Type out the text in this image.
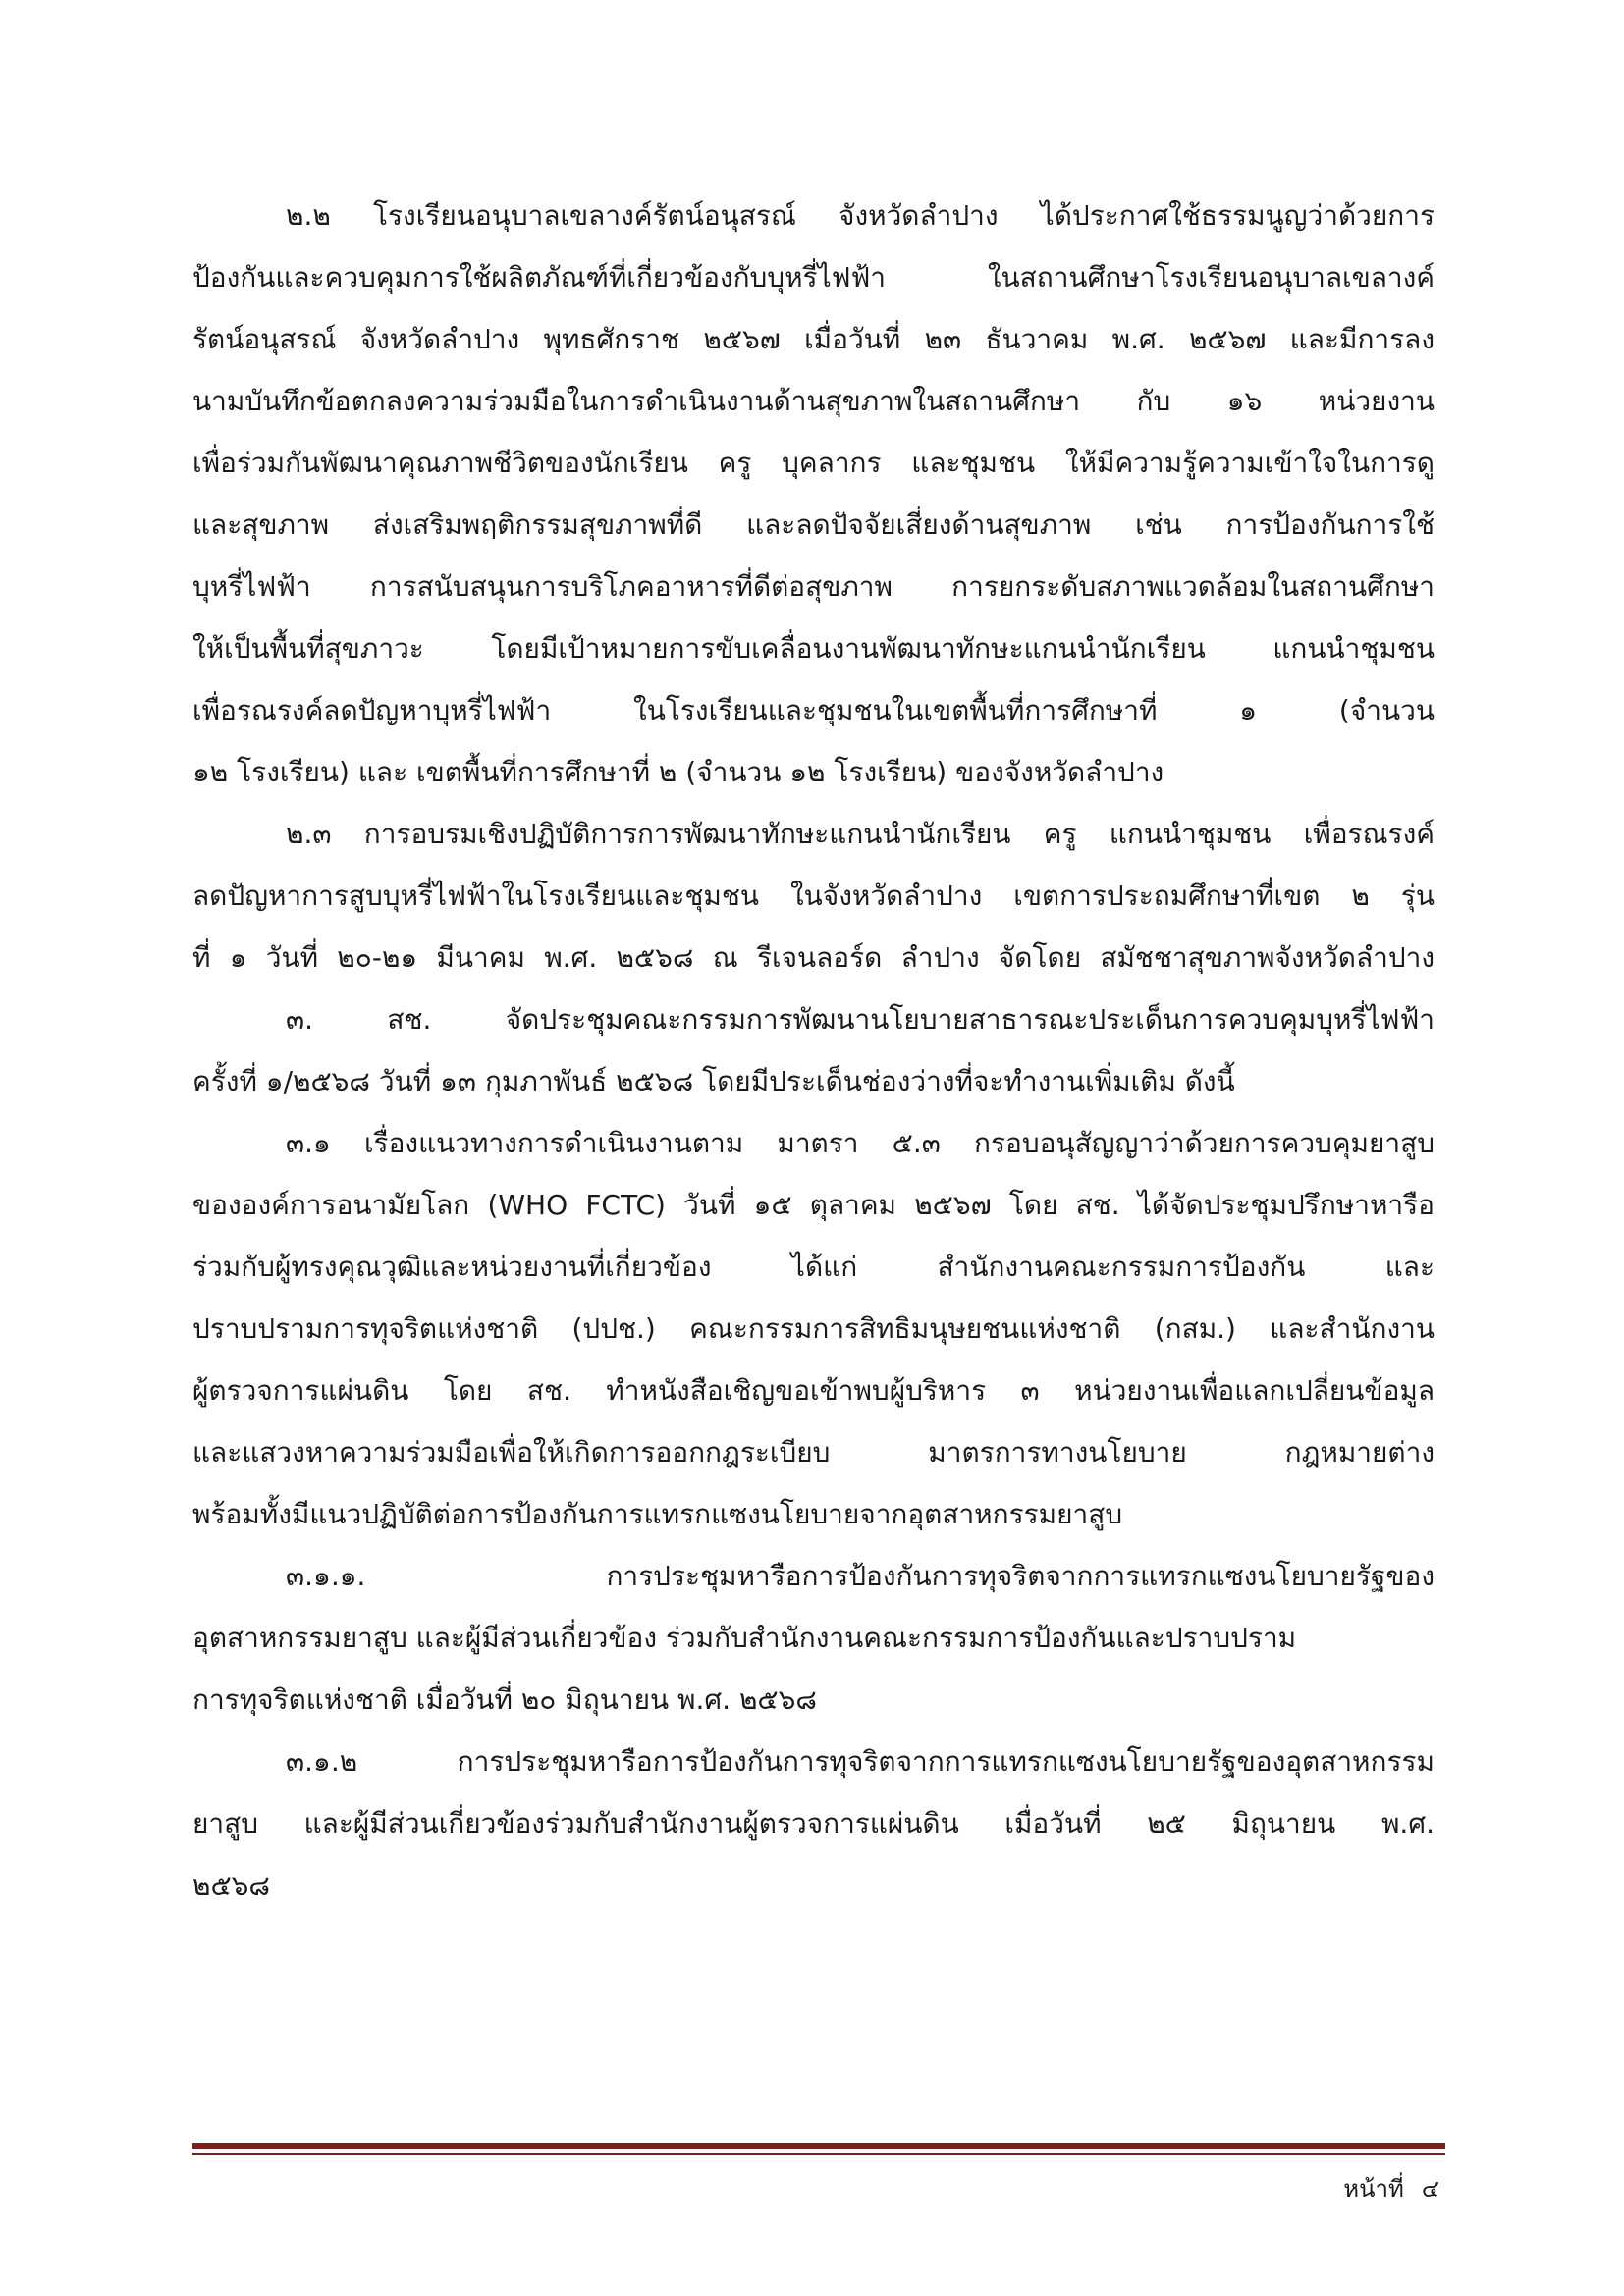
๒.๒ โรงเรียนอนุบาลเขลางค์รัตน์อนุสรณ์ จังหวัดลำปาง ได้ประกาศใช้ธรรมนูญว่าด้วยการ
ป้องกันและควบคุมการใช้ผลิตภัณฑ์ที่เกี่ยวข้องกับบุหรี่ไฟฟ้า ในสถานศึกษาโรงเรียนอนุบาลเขลางค์
รัตน์อนุสรณ์ จังหวัดลำปาง พุทธศักราช ๒๕๖๗ เมื่อวันที่ ๒๓ ธันวาคม พ.ศ. ๒๕๖๗ และมีการลง
นามบันทึกข้อตกลงความร่วมมือในการดำเนินงานด้านสุขภาพในสถานศึกษา กับ ๑๖ หน่วยงาน
เพื่อร่วมกันพัฒนาคุณภาพชีวิตของนักเรียน ครู บุคลากร และชุมชน ให้มีความรู้ความเข้าใจในการดู
และสุขภาพ ส่งเสริมพฤติกรรมสุขภาพที่ดี และลดปัจจัยเสี่ยงด้านสุขภาพ เช่น การป้องกันการใช้
บุหรี่ไฟฟ้า การสนับสนุนการบริโภคอาหารที่ดีต่อสุขภาพ การยกระดับสภาพแวดล้อมในสถานศึกษา
ให้เป็นพื้นที่สุขภาวะ โดยมีเป้าหมายการขับเคลื่อนงานพัฒนาทักษะแกนนำนักเรียน แกนนำชุมชน
เพื่อรณรงค์ลดปัญหาบุหรี่ไฟฟ้า ในโรงเรียนและชุมชนในเขตพื้นที่การศึกษาที่ ๑ (จำนวน
๑๒ โรงเรียน) และ เขตพื้นที่การศึกษาที่ ๒ (จำนวน ๑๒ โรงเรียน) ของจังหวัดลำปาง
๒.๓ การอบรมเชิงปฏิบัติการการพัฒนาทักษะแกนนำนักเรียน ครู แกนนำชุมชน เพื่อรณรงค์
ลดปัญหาการสูบบุหรี่ไฟฟ้าในโรงเรียนและชุมชน ในจังหวัดลำปาง เขตการประถมศึกษาที่เขต ๒ รุ่น
ที่ ๑ วันที่ ๒๐-๒๑ มีนาคม พ.ศ. ๒๕๖๘ ณ รีเจนลอร์ด ลำปาง จัดโดย สมัชชาสุขภาพจังหวัดลำปาง
๓. สช. จัดประชุมคณะกรรมการพัฒนานโยบายสาธารณะประเด็นการควบคุมบุหรี่ไฟฟ้า
ครั้งที่ ๑/๒๕๖๘ วันที่ ๑๓ กุมภาพันธ์ ๒๕๖๘ โดยมีประเด็นช่องว่างที่จะทำงานเพิ่มเติม ดังนี้
๓.๑ เรื่องแนวทางการดำเนินงานตาม มาตรา ๕.๓ กรอบอนุสัญญาว่าด้วยการควบคุมยาสูบ
ขององค์การอนามัยโลก (WHO FCTC) วันที่ ๑๕ ตุลาคม ๒๕๖๗ โดย สช. ได้จัดประชุมปรึกษาหารือ
ร่วมกับผู้ทรงคุณวุฒิและหน่วยงานที่เกี่ยวข้อง ได้แก่ สำนักงานคณะกรรมการป้องกัน และ
ปราบปรามการทุจริตแห่งชาติ (ปปช.) คณะกรรมการสิทธิมนุษยชนแห่งชาติ (กสม.) และสำนักงาน
ผู้ตรวจการแผ่นดิน โดย สช. ทำหนังสือเชิญขอเข้าพบผู้บริหาร ๓ หน่วยงานเพื่อแลกเปลี่ยนข้อมูล
และแสวงหาความร่วมมือเพื่อให้เกิดการออกกฎระเบียบ มาตรการทางนโยบาย กฎหมายต่าง
พร้อมทั้งมีแนวปฏิบัติต่อการป้องกันการแทรกแซงนโยบายจากอุตสาหกรรมยาสูบ
๓.๑.๑. การประชุมหารือการป้องกันการทุจริตจากการแทรกแซงนโยบายรัฐของ
อุตสาหกรรมยาสูบ และผู้มีส่วนเกี่ยวข้อง ร่วมกับสำนักงานคณะกรรมการป้องกันและปราบปราม
การทุจริตแห่งชาติ เมื่อวันที่ ๒๐ มิถุนายน พ.ศ. ๒๕๖๘
๓.๑.๒ การประชุมหารือการป้องกันการทุจริตจากการแทรกแซงนโยบายรัฐของอุตสาหกรรม
ยาสูบ และผู้มีส่วนเกี่ยวข้องร่วมกับสำนักงานผู้ตรวจการแผ่นดิน เมื่อวันที่ ๒๕ มิถุนายน พ.ศ.
๒๕๖๘
หน้าที่ ๔
